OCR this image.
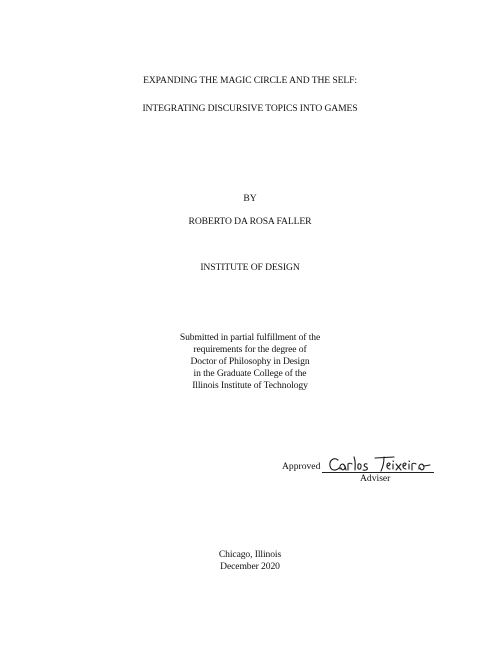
EXPANDING THE MAGIC CIRCLE AND THE SELF:
INTEGRATING DISCURSIVE TOPICS INTO GAMES
BY
ROBERTO DA ROSA FALLER
INSTITUTE OF DESIGN
Submitted in partial fulfillment of the
requirements for the degree of
Doctor of Philosophy in Design
in the Graduate College of the
Illinois Institute of Technology
Approved
Adviser
Chicago, Illinois
December 2020
